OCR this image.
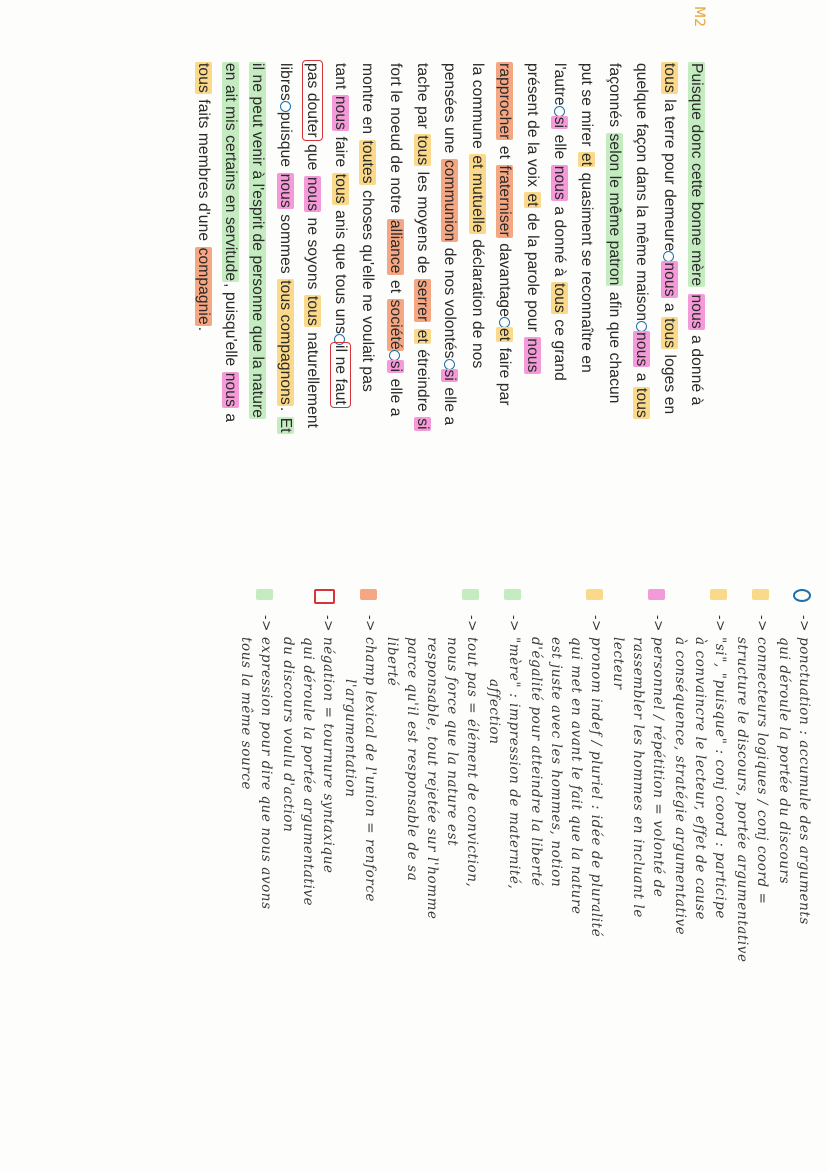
M2
Puisque donc cette bonne mère nous a donné à
tous la terre pour demeurenous a tous loges en
quelque façon dans la même maisonnous a tous
façonnés selon le même patron afin que chacun
put se mirer et quasiment se reconnaître en
l'autresi elle nous a donné à tous ce grand
présent de la voix et de la parole pour nous
rapprocher et fraterniser davantageet faire par
la commune et mutuelle déclaration de nos
pensées une communion de nos volontéssi elle a
tache par tous les moyens de serrer et étreindre si
fort le noeud de notre alliance et sociétési elle a
montre en toutes choses qu'elle ne voulait pas
tant nous faire tous anis que tous unsil ne faut
pas douter que nous ne soyons tous naturellement
librespuisque nous sommes tous compagnons. Et
il ne peut venir à l'esprit de personne que la nature
en ait mis certains en servitude, puisqu'elle nous a
tous faits membres d'une compagnie.
-> ponctuation : accumule des arguments
qui déroule la portée du discours
-> connecteurs logiques / conj coord =
structure le discours, portée argumentative
-> "si", "puisque" : conj coord : participe
à convaincre le lecteur, effet de cause
à conséquence, stratégie argumentative
-> personnel / répétition = volonté de
rassembler les hommes en incluant le
lecteur
-> pronom indef / pluriel : idée de pluralité
qui met en avant le fait que la nature
est juste avec les hommes, notion
d'égalité pour atteindre la liberté
-> "mère" : impression de maternité,
affection
-> tout pas = élément de conviction,
nous force que la nature est
responsable, tout rejetée sur l'homme
parce qu'il est responsable de sa
liberté
-> champ lexical de l'union = renforce
l'argumentation
-> négation = tournure syntaxique
qui déroule la portée argumentative
du discours voulu d'action
-> expression pour dire que nous avons
tous la même source
